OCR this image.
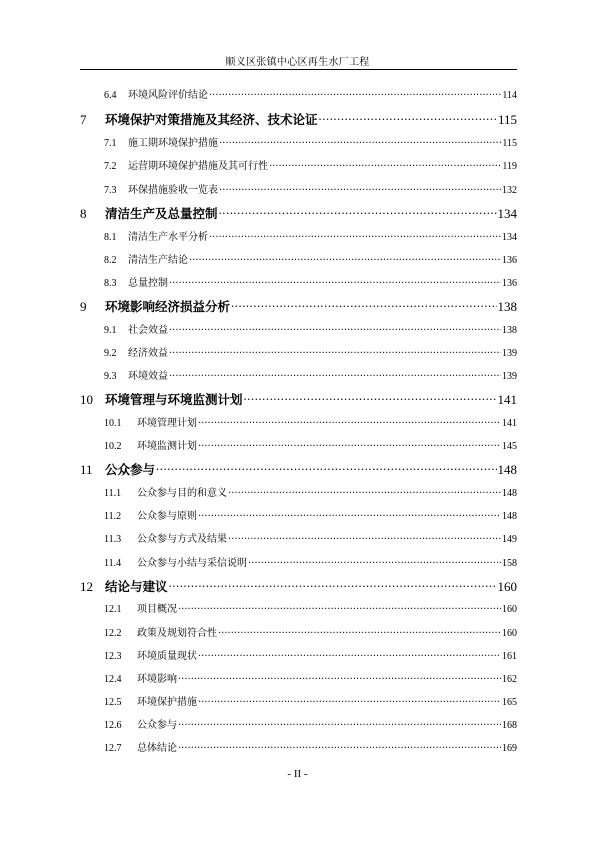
顺义区张镇中心区再生水厂工程
6.4	环境风险评价结论 .....	114
7	环境保护对策措施及其经济、技术论证 .....	115
7.1	施工期环境保护措施 .....	115
7.2	运营期环境保护措施及其可行性 .....	119
7.3	环保措施验收一览表 .....	132
8	清洁生产及总量控制 .....	134
8.1	清洁生产水平分析 .....	134
8.2	清洁生产结论 .....	136
8.3	总量控制 .....	136
9	环境影响经济损益分析 .....	138
9.1	社会效益 .....	138
9.2	经济效益 .....	139
9.3	环境效益 .....	139
10 环境管理与环境监测计划 .....	141
10.1	环境管理计划 .....	141
10.2	环境监测计划 .....	145
11 公众参与 .....	148
11.1	公众参与目的和意义 .....	148
11.2	公众参与原则 .....	148
11.3	公众参与方式及结果 .....	149
11.4	公众参与小结与采信说明 .....	158
12 结论与建议 .....	160
12.1	项目概况 .....	160
12.2	政策及规划符合性 .....	160
12.3	环境质量现状 .....	161
12.4	环境影响 .....	162
12.5	环境保护措施 .....	165
12.6	公众参与 .....	168
12.7	总体结论 .....	169
- II -
